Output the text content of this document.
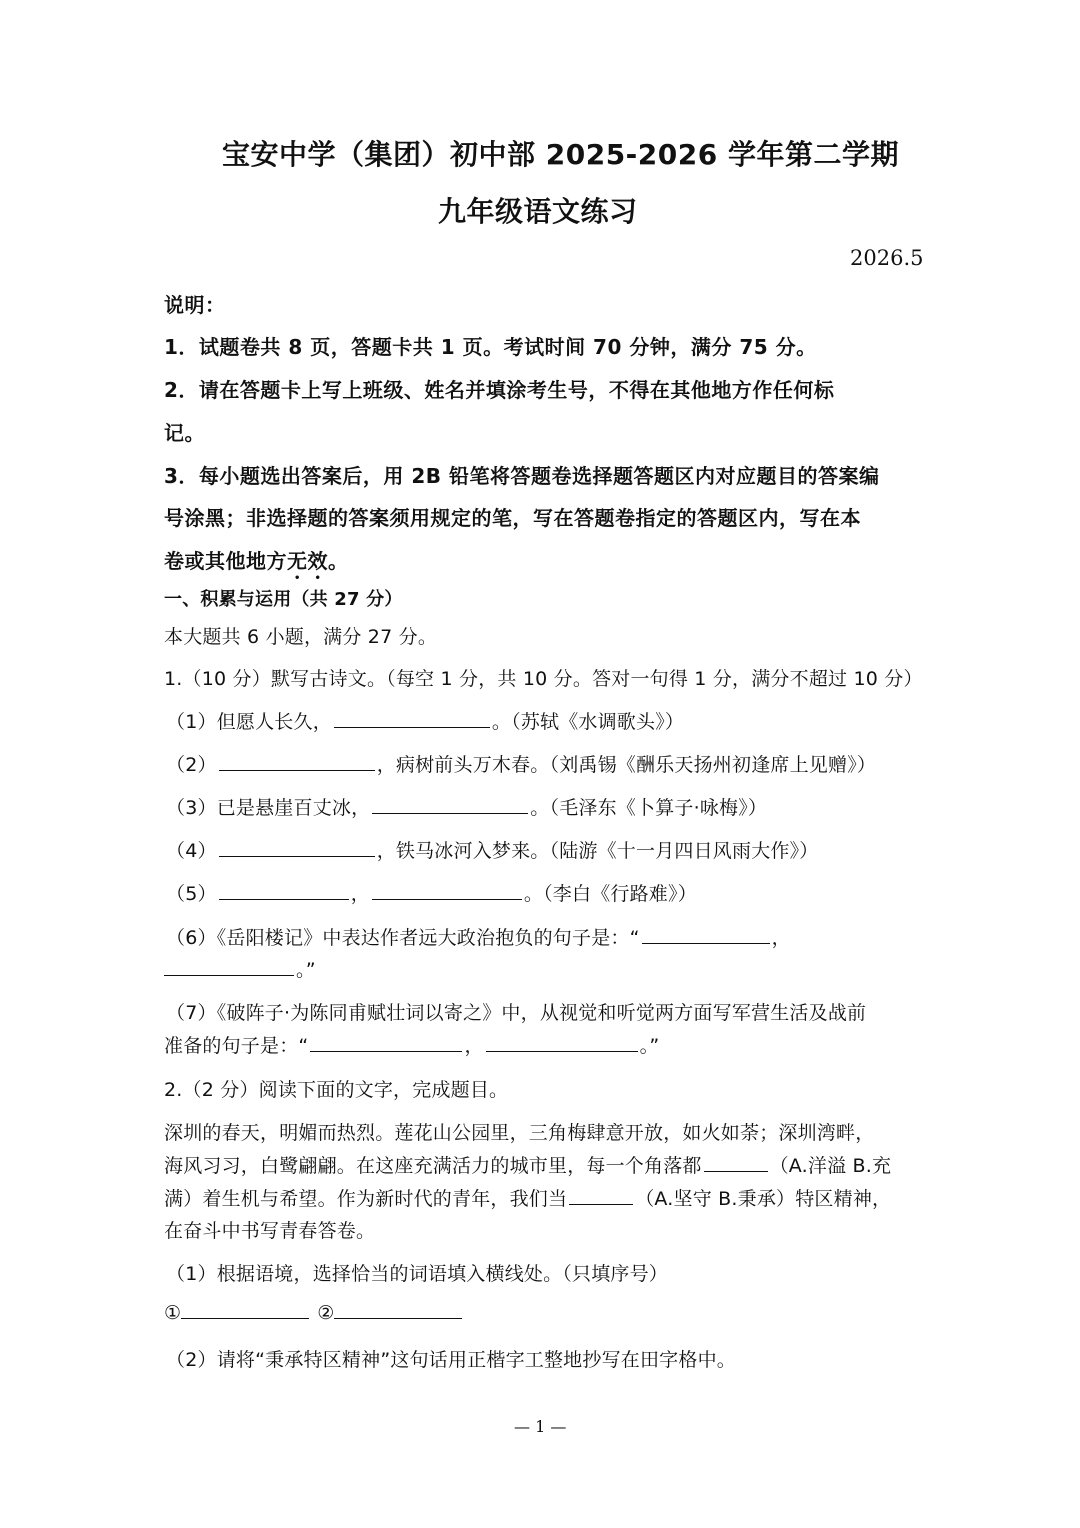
宝安中学（集团）初中部 2025-2026 学年第二学期
九年级语文练习
2026.5
说明：
1．试题卷共 8 页，答题卡共 1 页。考试时间 70 分钟，满分 75 分。
2．请在答题卡上写上班级、姓名并填涂考生号，不得在其他地方作任何标
记。
3．每小题选出答案后，用 2B 铅笔将答题卷选择题答题区内对应题目的答案编
号涂黑；非选择题的答案须用规定的笔，写在答题卷指定的答题区内，写在本
卷或其他地方无效。
一、积累与运用（共 27 分）
本大题共 6 小题，满分 27 分。
1.（10 分）默写古诗文。（每空 1 分，共 10 分。答对一句得 1 分，满分不超过 10 分）
（1）但愿人长久，	。（苏轼《水调歌头》）
（2）	，病树前头万木春。（刘禹锡《酬乐天扬州初逢席上见赠》）
（3）已是悬崖百丈冰，	。（毛泽东《卜算子·咏梅》）
（4）	，铁马冰河入梦来。（陆游《十一月四日风雨大作》）
（5）	，	。（李白《行路难》）
（6）《岳阳楼记》中表达作者远大政治抱负的句子是：“	，
。”
（7）《破阵子·为陈同甫赋壮词以寄之》中，从视觉和听觉两方面写军营生活及战前
准备的句子是：“	，	。”
2.（2 分）阅读下面的文字，完成题目。
深圳的春天，明媚而热烈。莲花山公园里，三角梅肆意开放，如火如荼；深圳湾畔，
海风习习，白鹭翩翩。在这座充满活力的城市里，每一个角落都	（A.洋溢 B.充
满）着生机与希望。作为新时代的青年，我们当	（A.坚守 B.秉承）特区精神，
在奋斗中书写青春答卷。
（1）根据语境，选择恰当的词语填入横线处。（只填序号）
①	②
（2）请将“秉承特区精神”这句话用正楷字工整地抄写在田字格中。
— 1 —
